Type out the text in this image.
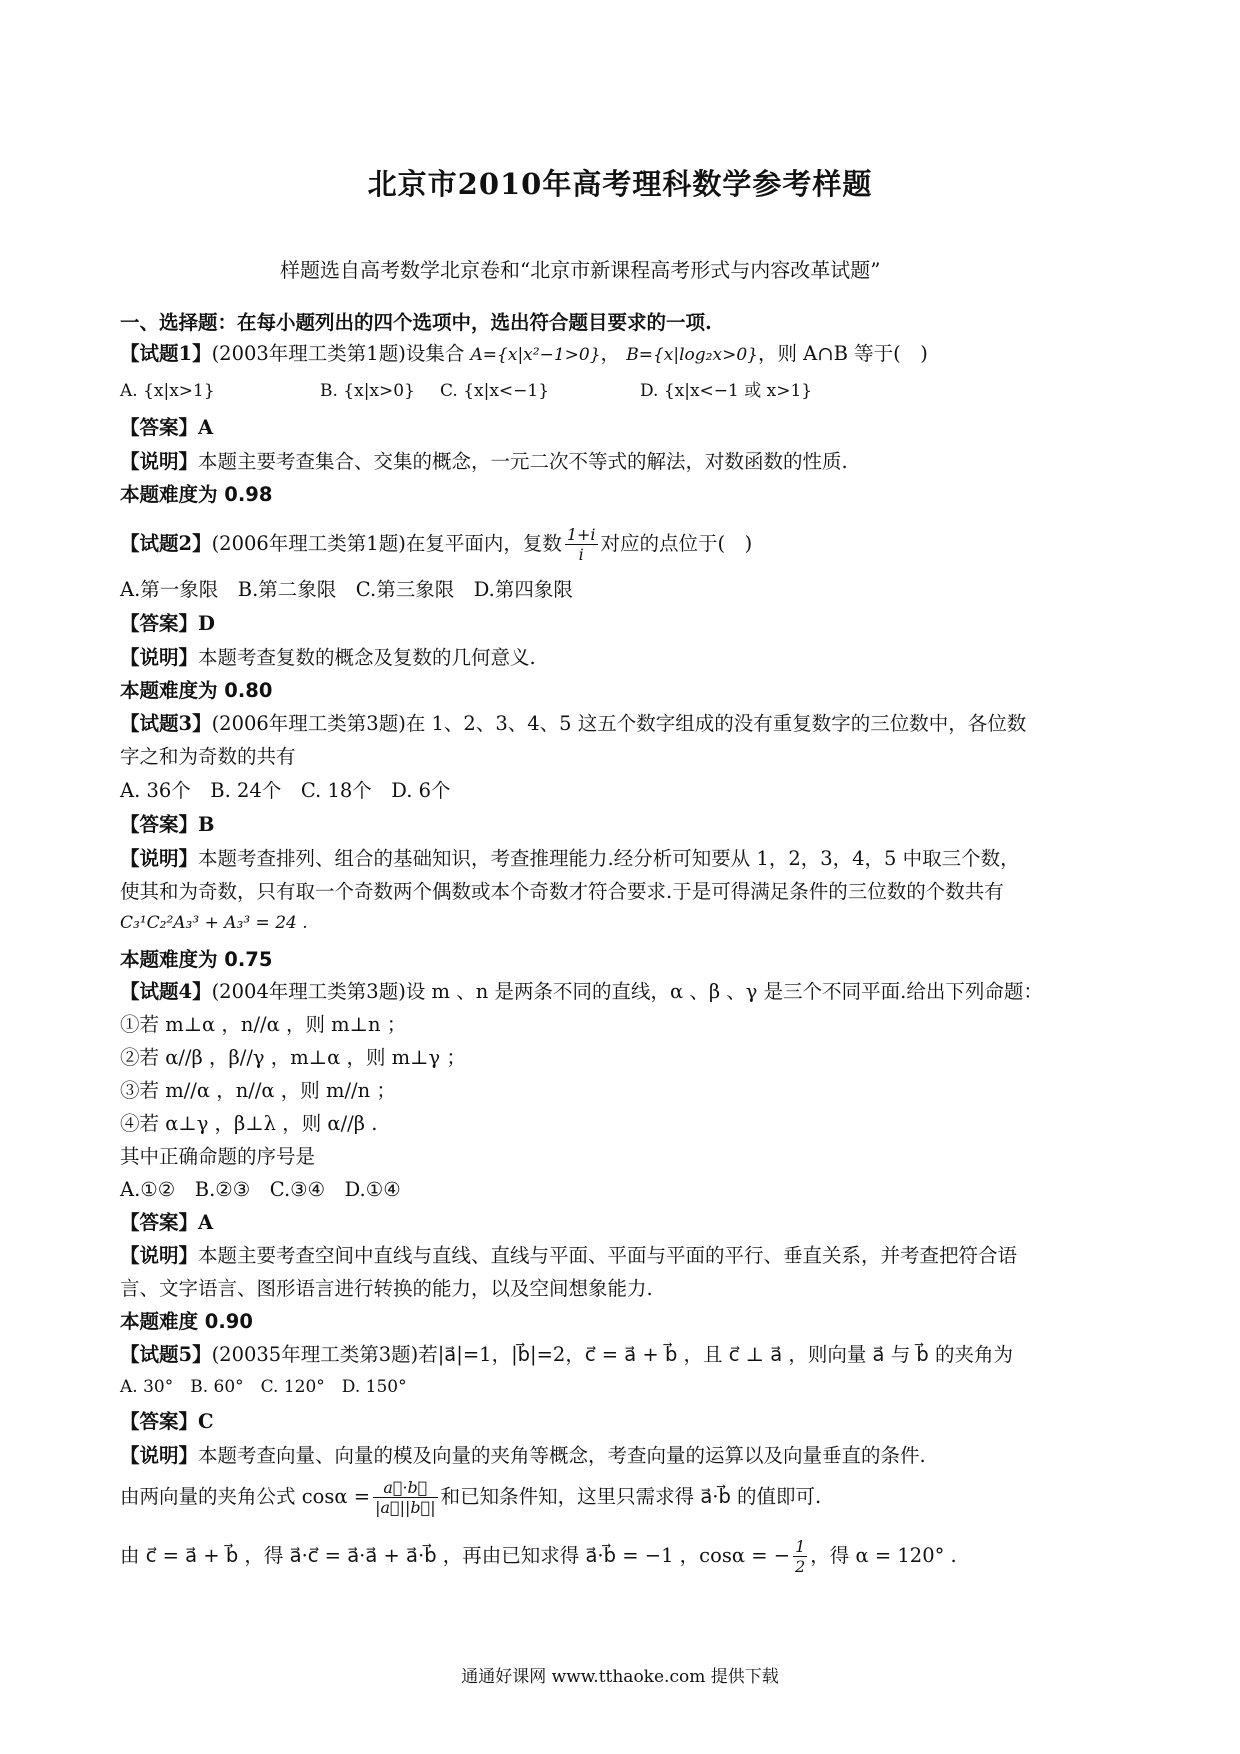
北京市2010年高考理科数学参考样题
样题选自高考数学北京卷和“北京市新课程高考形式与内容改革试题”
一、选择题：在每小题列出的四个选项中，选出符合题目要求的一项.
【试题1】(2003年理工类第1题)设集合 A={x|x²−1>0}， B={x|log₂x>0}，则 A∩B 等于(　)
A. {x|x>1}	B. {x|x>0} C. {x|x<−1}	D. {x|x<−1 或 x>1}
【答案】A
【说明】本题主要考查集合、交集的概念，一元二次不等式的解法，对数函数的性质.
本题难度为 0.98
【试题2】(2006年理工类第1题)在复平面内，复数 $\frac{1+i}{i}$ 对应的点位于(　)
A.第一象限　B.第二象限　C.第三象限　D.第四象限
【答案】D
【说明】本题考查复数的概念及复数的几何意义.
本题难度为 0.80
【试题3】(2006年理工类第3题)在 1、2、3、4、5 这五个数字组成的没有重复数字的三位数中，各位数
字之和为奇数的共有
A. 36个　B. 24个　C. 18个　D. 6个
【答案】B
【说明】本题考查排列、组合的基础知识，考查推理能力.经分析可知要从 1，2，3，4，5 中取三个数，
使其和为奇数，只有取一个奇数两个偶数或本个奇数才符合要求.于是可得满足条件的三位数的个数共有
C₃¹C₂²A₃³ + A₃³ = 24 .
本题难度为 0.75
【试题4】(2004年理工类第3题)设 m 、n 是两条不同的直线，α 、β 、γ 是三个不同平面.给出下列命题：
①若 m⊥α ，n//α ，则 m⊥n ；
②若 α//β ，β//γ ，m⊥α ，则 m⊥γ ；
③若 m//α ，n//α ，则 m//n ；
④若 α⊥γ ，β⊥λ ，则 α//β .
其中正确命题的序号是
A.①②　B.②③　C.③④　D.①④
【答案】A
【说明】本题主要考查空间中直线与直线、直线与平面、平面与平面的平行、垂直关系，并考查把符合语
言、文字语言、图形语言进行转换的能力，以及空间想象能力.
本题难度 0.90
【试题5】(20035年理工类第3题)若|a⃗|=1，|b⃗|=2，c⃗ = a⃗ + b⃗ ，且 c⃗ ⊥ a⃗ ，则向量 a⃗ 与 b⃗ 的夹角为
A. 30°　B. 60°　C. 120°　D. 150°
【答案】C
【说明】本题考查向量、向量的模及向量的夹角等概念，考查向量的运算以及向量垂直的条件.
由两向量的夹角公式 $\cos\alpha = \frac{a⃗\cdot b⃗}{|a⃗||b⃗|}$ 和已知条件知，这里只需求得 a⃗·b⃗ 的值即可.
由 c⃗ = a⃗ + b⃗ ，得 a⃗·c⃗ = a⃗·a⃗ + a⃗·b⃗ ，再由已知求得 a⃗·b⃗ = −1 ，cosα = − $\frac{1}{2}$ ，得 α = 120° .
通通好课网 www.tthaoke.com 提供下载
